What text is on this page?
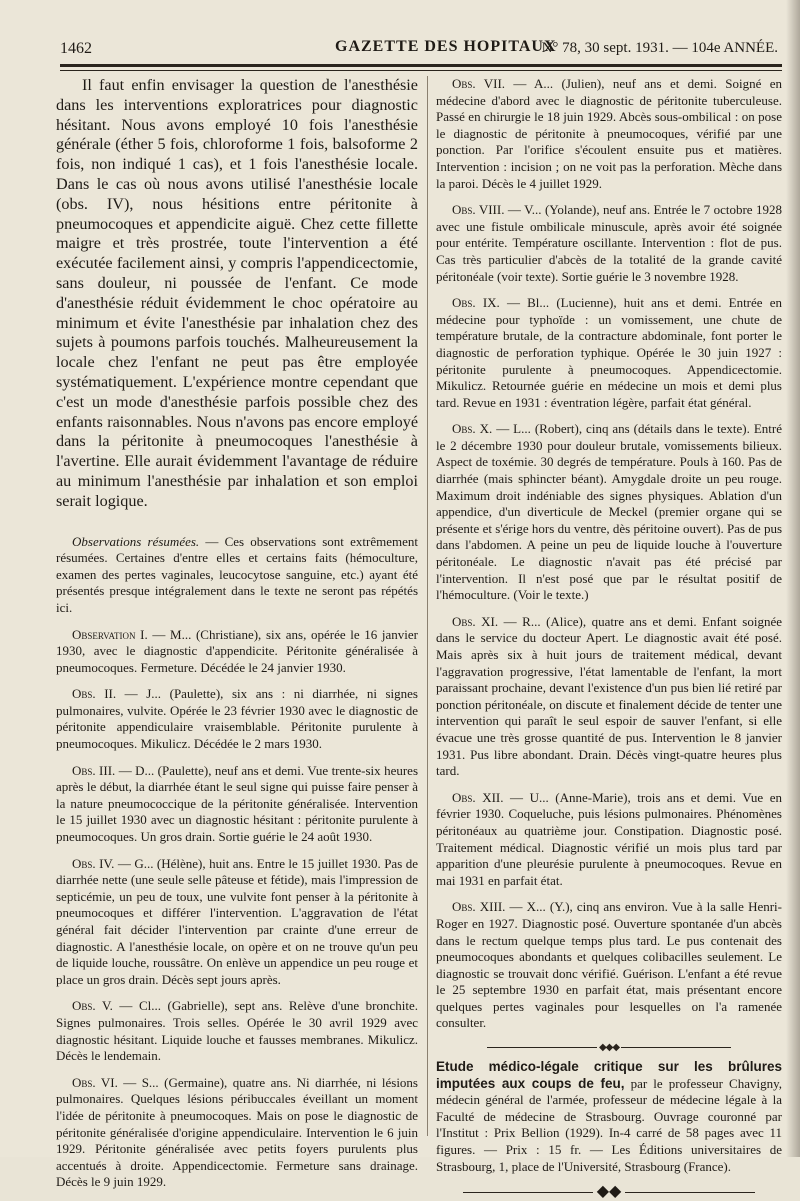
1462	GAZETTE DES HOPITAUX
N° 78, 30 sept. 1931. — 104e ANNÉE.

Il faut enfin envisager la question de l'anesthésie dans les interventions exploratrices pour diagnostic hésitant. Nous avons employé 10 fois l'anesthésie générale (éther 5 fois, chloroforme 1 fois, balsoforme 2 fois, non indiqué 1 cas), et 1 fois l'anesthésie locale. Dans le cas où nous avons utilisé l'anesthésie locale (obs. IV), nous hésitions entre péritonite à pneumocoques et appendicite aiguë. Chez cette fillette maigre et très prostrée, toute l'intervention a été exécutée facilement ainsi, y compris l'appendicectomie, sans douleur, ni poussée de l'enfant. Ce mode d'anesthésie réduit évidemment le choc opératoire au minimum et évite l'anesthésie par inhalation chez des sujets à poumons parfois touchés. Malheureusement la locale chez l'enfant ne peut pas être employée systématiquement. L'expérience montre cependant que c'est un mode d'anesthésie parfois possible chez des enfants raisonnables. Nous n'avons pas encore employé dans la péritonite à pneumocoques l'anesthésie à l'avertine. Elle aurait évidemment l'avantage de réduire au minimum l'anesthésie par inhalation et son emploi serait logique.

Observations résumées. — Ces observations sont extrêmement résumées. Certaines d'entre elles et certains faits (hémoculture, examen des pertes vaginales, leucocytose sanguine, etc.) ayant été présentés presque intégralement dans le texte ne seront pas répétés ici.

Observation I. — M... (Christiane), six ans, opérée le 16 janvier 1930, avec le diagnostic d'appendicite. Péritonite généralisée à pneumocoques. Fermeture. Décédée le 24 janvier 1930.

Obs. II. — J... (Paulette), six ans : ni diarrhée, ni signes pulmonaires, vulvite. Opérée le 23 février 1930 avec le diagnostic de péritonite appendiculaire vraisemblable. Péritonite purulente à pneumocoques. Mikulicz. Décédée le 2 mars 1930.

Obs. III. — D... (Paulette), neuf ans et demi. Vue trente-six heures après le début, la diarrhée étant le seul signe qui puisse faire penser à la nature pneumococcique de la péritonite généralisée. Intervention le 15 juillet 1930 avec un diagnostic hésitant : péritonite purulente à pneumocoques. Un gros drain. Sortie guérie le 24 août 1930.

Obs. IV. — G... (Hélène), huit ans. Entre le 15 juillet 1930. Pas de diarrhée nette (une seule selle pâteuse et fétide), mais l'impression de septicémie, un peu de toux, une vulvite font penser à la péritonite à pneumocoques et différer l'intervention. L'aggravation de l'état général fait décider l'intervention par crainte d'une erreur de diagnostic. A l'anesthésie locale, on opère et on ne trouve qu'un peu de liquide louche, roussâtre. On enlève un appendice un peu rouge et place un gros drain. Décès sept jours après.

Obs. V. — Cl... (Gabrielle), sept ans. Relève d'une bronchite. Signes pulmonaires. Trois selles. Opérée le 30 avril 1929 avec diagnostic hésitant. Liquide louche et fausses membranes. Mikulicz. Décès le lendemain.

Obs. VI. — S... (Germaine), quatre ans. Ni diarrhée, ni lésions pulmonaires. Quelques lésions péribuccales éveillant un moment l'idée de péritonite à pneumocoques. Mais on pose le diagnostic de péritonite généralisée d'origine appendiculaire. Intervention le 6 juin 1929. Péritonite généralisée avec petits foyers purulents plus accentués à droite. Appendicectomie. Fermeture sans drainage. Décès le 9 juin 1929.

Obs. VII. — A... (Julien), neuf ans et demi. Soigné en médecine d'abord avec le diagnostic de péritonite tuberculeuse. Passé en chirurgie le 18 juin 1929. Abcès sous-ombilical : on pose le diagnostic de péritonite à pneumocoques, vérifié par une ponction. Par l'orifice s'écoulent ensuite pus et matières. Intervention : incision ; on ne voit pas la perforation. Mèche dans la paroi. Décès le 4 juillet 1929.

Obs. VIII. — V... (Yolande), neuf ans. Entrée le 7 octobre 1928 avec une fistule ombilicale minuscule, après avoir été soignée pour entérite. Température oscillante. Intervention : flot de pus. Cas très particulier d'abcès de la totalité de la grande cavité péritonéale (voir texte). Sortie guérie le 3 novembre 1928.

Obs. IX. — Bl... (Lucienne), huit ans et demi. Entrée en médecine pour typhoïde : un vomissement, une chute de température brutale, de la contracture abdominale, font porter le diagnostic de perforation typhique. Opérée le 30 juin 1927 : péritonite purulente à pneumocoques. Appendicectomie. Mikulicz. Retournée guérie en médecine un mois et demi plus tard. Revue en 1931 : éventration légère, parfait état général.

Obs. X. — L... (Robert), cinq ans (détails dans le texte). Entré le 2 décembre 1930 pour douleur brutale, vomissements bilieux. Aspect de toxémie. 30 degrés de température. Pouls à 160. Pas de diarrhée (mais sphincter béant). Amygdale droite un peu rouge. Maximum droit indéniable des signes physiques. Ablation d'un appendice, d'un diverticule de Meckel (premier organe qui se présente et s'érige hors du ventre, dès péritoine ouvert). Pas de pus dans l'abdomen. A peine un peu de liquide louche à l'ouverture péritonéale. Le diagnostic n'avait pas été précisé par l'intervention. Il n'est posé que par le résultat positif de l'hémoculture. (Voir le texte.)

Obs. XI. — R... (Alice), quatre ans et demi. Enfant soignée dans le service du docteur Apert. Le diagnostic avait été posé. Mais après six à huit jours de traitement médical, devant l'aggravation progressive, l'état lamentable de l'enfant, la mort paraissant prochaine, devant l'existence d'un pus bien lié retiré par ponction péritonéale, on discute et finalement décide de tenter une intervention qui paraît le seul espoir de sauver l'enfant, si elle évacue une très grosse quantité de pus. Intervention le 8 janvier 1931. Pus libre abondant. Drain. Décès vingt-quatre heures plus tard.

Obs. XII. — U... (Anne-Marie), trois ans et demi. Vue en février 1930. Coqueluche, puis lésions pulmonaires. Phénomènes péritonéaux au quatrième jour. Constipation. Diagnostic posé. Traitement médical. Diagnostic vérifié un mois plus tard par apparition d'une pleurésie purulente à pneumocoques. Revue en mai 1931 en parfait état.

Obs. XIII. — X... (Y.), cinq ans environ. Vue à la salle Henri-Roger en 1927. Diagnostic posé. Ouverture spontanée d'un abcès dans le rectum quelque temps plus tard. Le pus contenait des pneumocoques abondants et quelques colibacilles seulement. Le diagnostic se trouvait donc vérifié. Guérison. L'enfant a été revue le 25 septembre 1930 en parfait état, mais présentant encore quelques pertes vaginales pour lesquelles on l'a ramenée consulter.

◆◆◆

Etude médico-légale critique sur les brûlures imputées aux coups de feu, par le professeur Chavigny, médecin général de l'armée, professeur de médecine légale à la Faculté de médecine de Strasbourg. Ouvrage couronné par l'Institut : Prix Bellion (1929). In-4 carré de 58 pages avec 11 figures. — Prix : 15 fr. — Les Éditions universitaires de Strasbourg, 1, place de l'Université, Strasbourg (France).

◆◆
